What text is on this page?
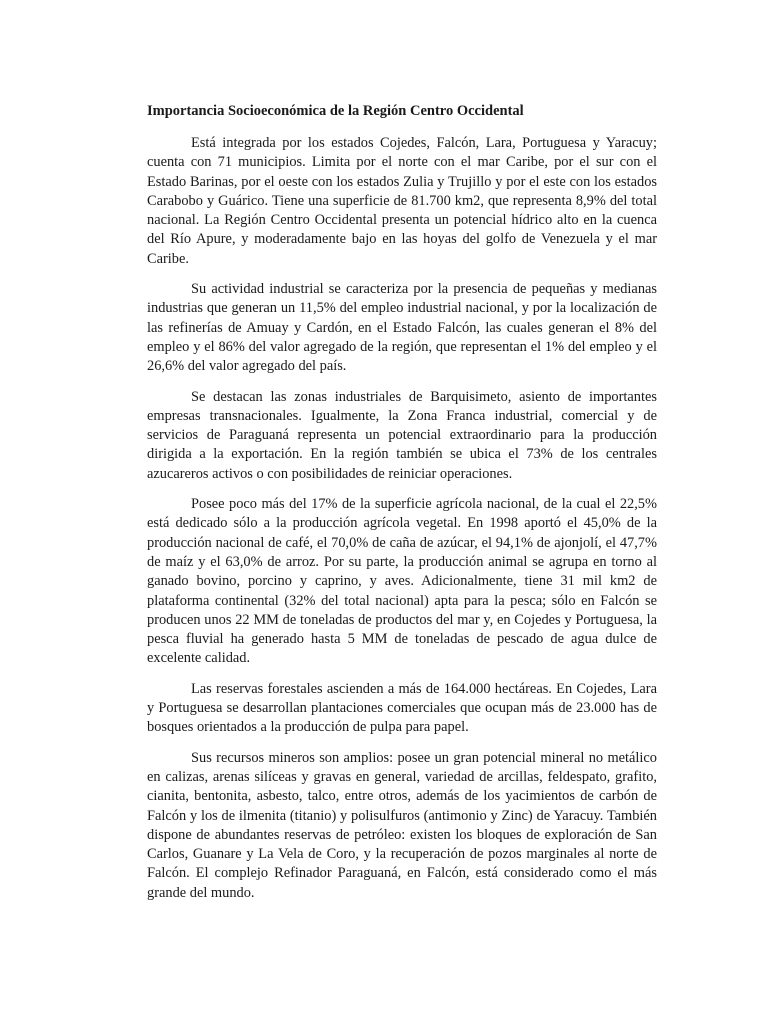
Importancia Socioeconómica de la Región Centro Occidental

Está integrada por los estados Cojedes, Falcón, Lara, Portuguesa y Yaracuy; cuenta con 71 municipios. Limita por el norte con el mar Caribe, por el sur con el Estado Barinas, por el oeste con los estados Zulia y Trujillo y por el este con los estados Carabobo y Guárico. Tiene una superficie de 81.700 km2, que representa 8,9% del total nacional. La Región Centro Occidental presenta un potencial hídrico alto en la cuenca del Río Apure, y moderadamente bajo en las hoyas del golfo de Venezuela y el mar Caribe.

Su actividad industrial se caracteriza por la presencia de pequeñas y medianas industrias que generan un 11,5% del empleo industrial nacional, y por la localización de las refinerías de Amuay y Cardón, en el Estado Falcón, las cuales generan el 8% del empleo y el 86% del valor agregado de la región, que representan el 1% del empleo y el 26,6% del valor agregado del país.

Se destacan las zonas industriales de Barquisimeto, asiento de importantes empresas transnacionales. Igualmente, la Zona Franca industrial, comercial y de servicios de Paraguaná representa un potencial extraordinario para la producción dirigida a la exportación. En la región también se ubica el 73% de los centrales azucareros activos o con posibilidades de reiniciar operaciones.

Posee poco más del 17% de la superficie agrícola nacional, de la cual el 22,5% está dedicado sólo a la producción agrícola vegetal. En 1998 aportó el 45,0% de la producción nacional de café, el 70,0% de caña de azúcar, el 94,1% de ajonjolí, el 47,7% de maíz y el 63,0% de arroz. Por su parte, la producción animal se agrupa en torno al ganado bovino, porcino y caprino, y aves. Adicionalmente, tiene 31 mil km2 de plataforma continental (32% del total nacional) apta para la pesca; sólo en Falcón se producen unos 22 MM de toneladas de productos del mar y, en Cojedes y Portuguesa, la pesca fluvial ha generado hasta 5 MM de toneladas de pescado de agua dulce de excelente calidad.

Las reservas forestales ascienden a más de 164.000 hectáreas. En Cojedes, Lara y Portuguesa se desarrollan plantaciones comerciales que ocupan más de 23.000 has de bosques orientados a la producción de pulpa para papel.

Sus recursos mineros son amplios: posee un gran potencial mineral no metálico en calizas, arenas silíceas y gravas en general, variedad de arcillas, feldespato, grafito, cianita, bentonita, asbesto, talco, entre otros, además de los yacimientos de carbón de Falcón y los de ilmenita (titanio) y polisulfuros (antimonio y Zinc) de Yaracuy. También dispone de abundantes reservas de petróleo: existen los bloques de exploración de San Carlos, Guanare y La Vela de Coro, y la recuperación de pozos marginales al norte de Falcón. El complejo Refinador Paraguaná, en Falcón, está considerado como el más grande del mundo.
